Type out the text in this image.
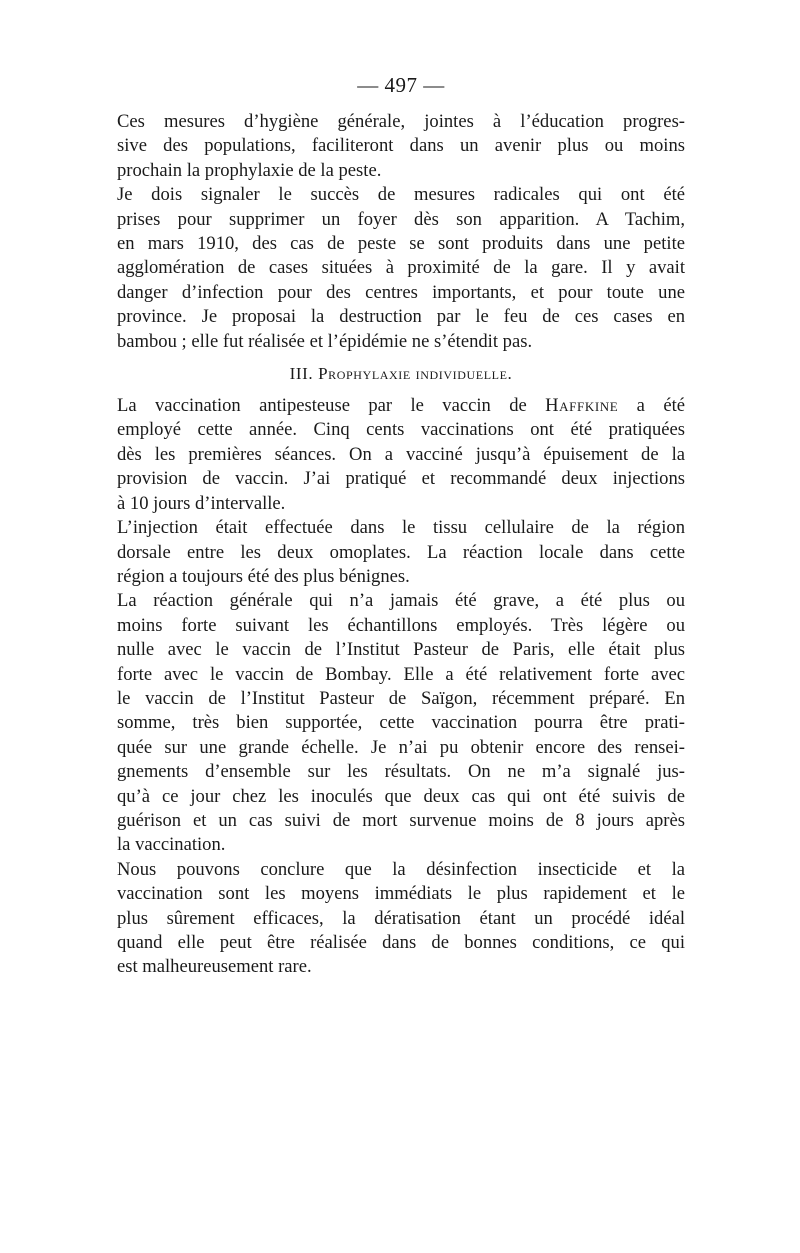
— 497 —

Ces mesures d’hygiène générale, jointes à l’éducation progres-
sive des populations, faciliteront dans un avenir plus ou moins
prochain la prophylaxie de la peste.

Je dois signaler le succès de mesures radicales qui ont été
prises pour supprimer un foyer dès son apparition. A Tachim,
en mars 1910, des cas de peste se sont produits dans une petite
agglomération de cases situées à proximité de la gare. Il y avait
danger d’infection pour des centres importants, et pour toute une
province. Je proposai la destruction par le feu de ces cases en
bambou ; elle fut réalisée et l’épidémie ne s’étendit pas.

III. Prophylaxie individuelle.

La vaccination antipesteuse par le vaccin de Haffkine a été
employé cette année. Cinq cents vaccinations ont été pratiquées
dès les premières séances. On a vacciné jusqu’à épuisement de la
provision de vaccin. J’ai pratiqué et recommandé deux injections
à 10 jours d’intervalle.

L’injection était effectuée dans le tissu cellulaire de la région
dorsale entre les deux omoplates. La réaction locale dans cette
région a toujours été des plus bénignes.

La réaction générale qui n’a jamais été grave, a été plus ou
moins forte suivant les échantillons employés. Très légère ou
nulle avec le vaccin de l’Institut Pasteur de Paris, elle était plus
forte avec le vaccin de Bombay. Elle a été relativement forte avec
le vaccin de l’Institut Pasteur de Saïgon, récemment préparé. En
somme, très bien supportée, cette vaccination pourra être prati-
quée sur une grande échelle. Je n’ai pu obtenir encore des rensei-
gnements d’ensemble sur les résultats. On ne m’a signalé jus-
qu’à ce jour chez les inoculés que deux cas qui ont été suivis de
guérison et un cas suivi de mort survenue moins de 8 jours après
la vaccination.

Nous pouvons conclure que la désinfection insecticide et la
vaccination sont les moyens immédiats le plus rapidement et le
plus sûrement efficaces, la dératisation étant un procédé idéal
quand elle peut être réalisée dans de bonnes conditions, ce qui
est malheureusement rare.
